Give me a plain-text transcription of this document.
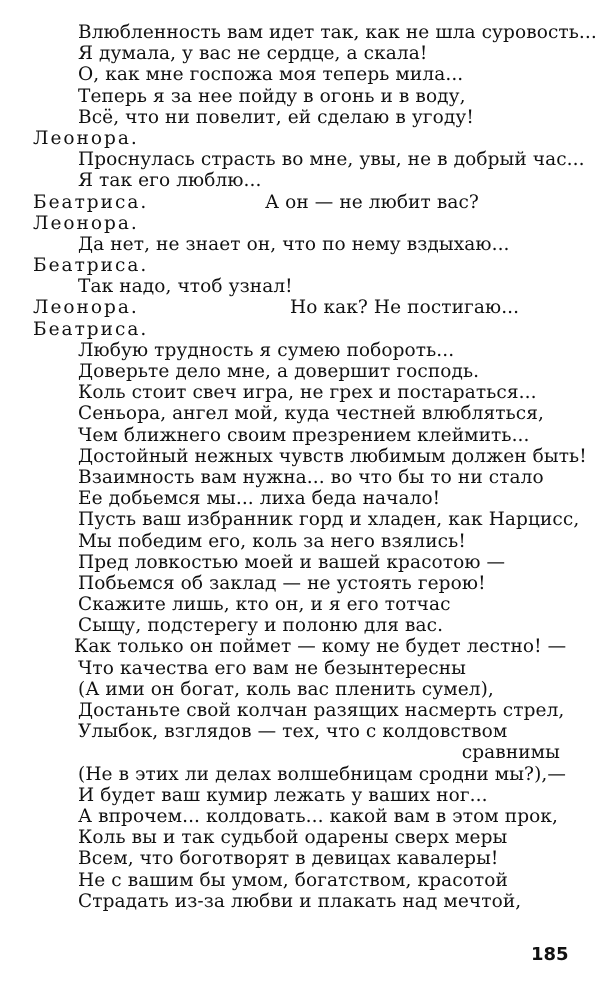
Влюбленность вам идет так, как не шла суровость...
Я думала, у вас не сердце, а скала!
О, как мне госпожа моя теперь мила...
Теперь я за нее пойду в огонь и в воду,
Всё, что ни повелит, ей сделаю в угоду!
Леонора.
Проснулась страсть во мне, увы, не в добрый час...
Я так его люблю...
Беатриса.	А он — не любит вас?
Леонора.
Да нет, не знает он, что по нему вздыхаю...
Беатриса.
Так надо, чтоб узнал!
Леонора.	Но как? Не постигаю...
Беатриса.
Любую трудность я сумею побороть...
Доверьте дело мне, а довершит господь.
Коль стоит свеч игра, не грех и постараться...
Сеньора, ангел мой, куда честней влюбляться,
Чем ближнего своим презрением клеймить...
Достойный нежных чувств любимым должен быть!
Взаимность вам нужна... во что бы то ни стало
Ее добьемся мы... лиха беда начало!
Пусть ваш избранник горд и хладен, как Нарцисс,
Мы победим его, коль за него взялись!
Пред ловкостью моей и вашей красотою —
Побьемся об заклад — не устоять герою!
Скажите лишь, кто он, и я его тотчас
Сыщу, подстерегу и полоню для вас.
Как только он поймет — кому не будет лестно! —
Что качества его вам не безынтересны
(А ими он богат, коль вас пленить сумел),
Достаньте свой колчан разящих насмерть стрел,
Улыбок, взглядов — тех, что с колдовством
сравнимы
(Не в этих ли делах волшебницам сродни мы?),—
И будет ваш кумир лежать у ваших ног...
А впрочем... колдовать... какой вам в этом прок,
Коль вы и так судьбой одарены сверх меры
Всем, что боготворят в девицах кавалеры!
Не с вашим бы умом, богатством, красотой
Страдать из-за любви и плакать над мечтой,
185
